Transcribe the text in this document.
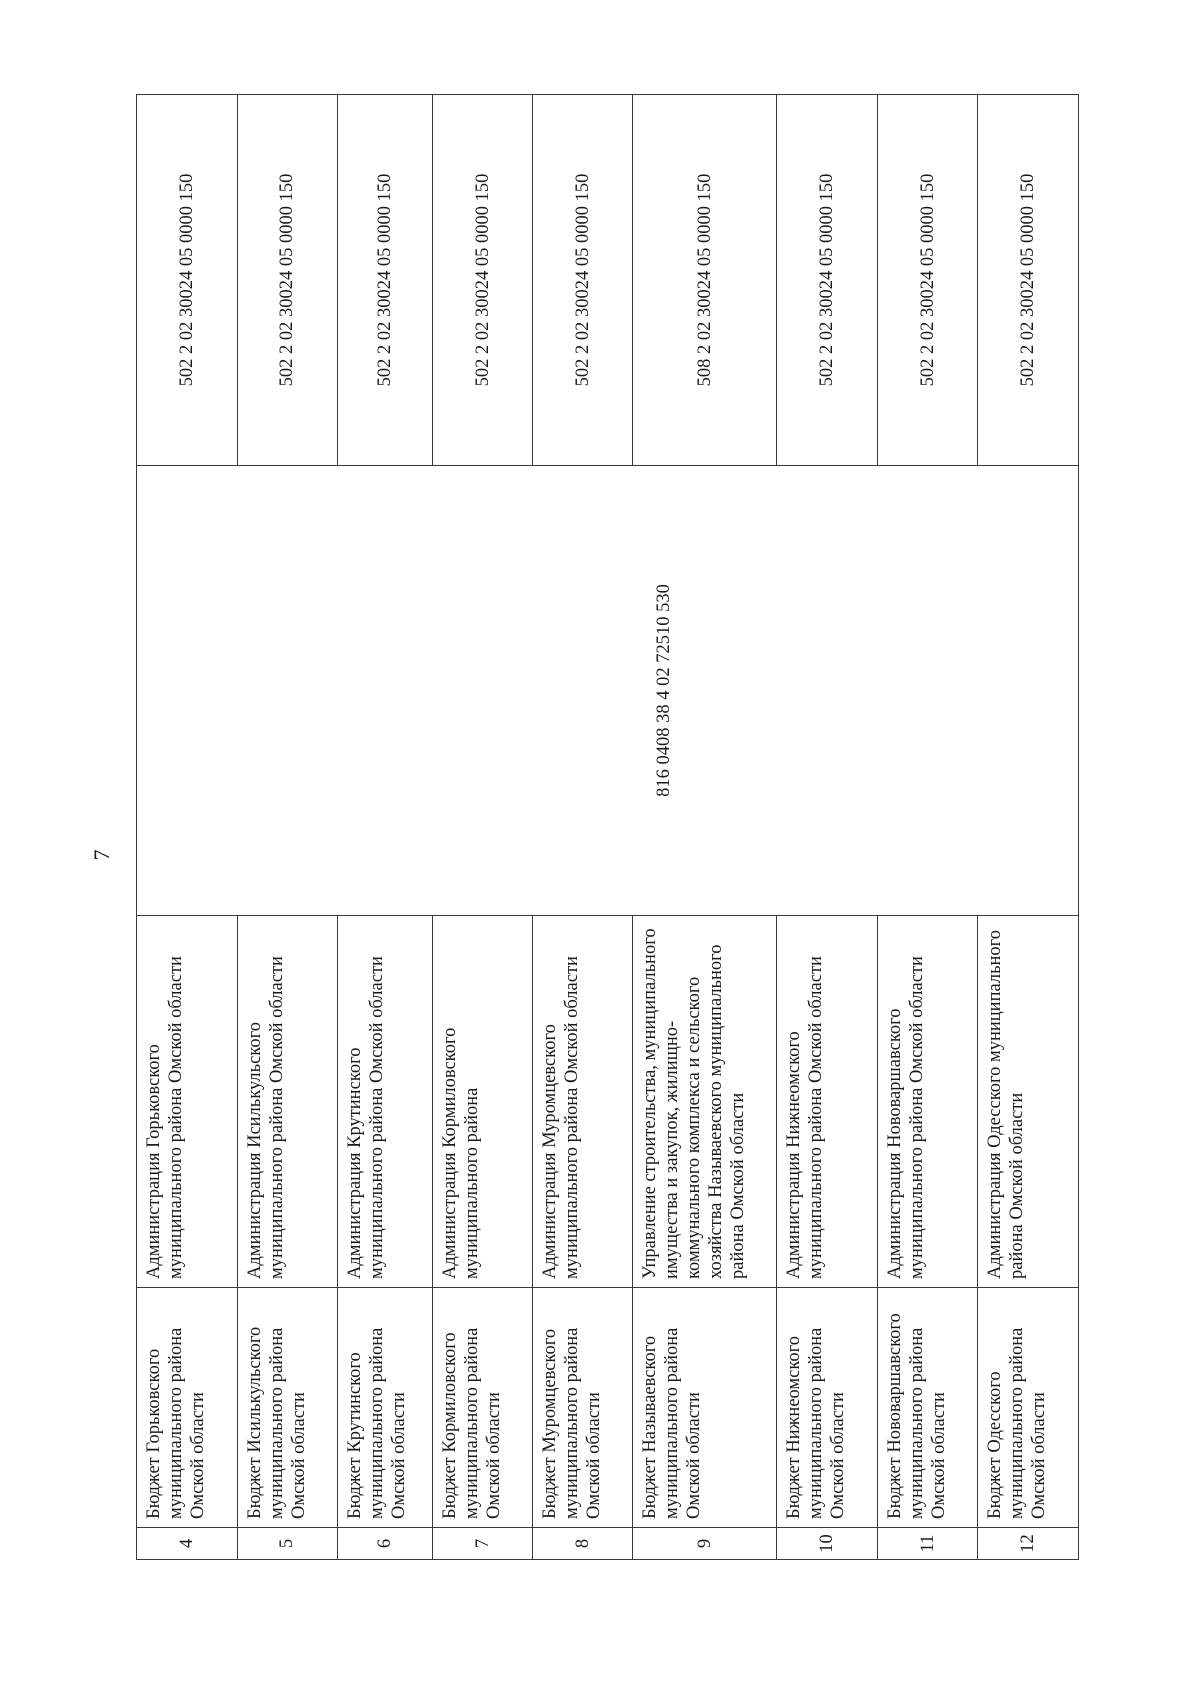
7
4	Бюджет Горьковского муниципального района Омской области	Администрация Горьковского муниципального района Омской области	816 0408 38 4 02 72510 530	502 2 02 30024 05 0000 150
5	Бюджет Исилькульского муниципального района Омской области	Администрация Исилькульского муниципального района Омской области		502 2 02 30024 05 0000 150
6	Бюджет Крутинского муниципального района Омской области	Администрация Крутинского муниципального района Омской области		502 2 02 30024 05 0000 150
7	Бюджет Кормиловского муниципального района Омской области	Администрация Кормиловского муниципального района		502 2 02 30024 05 0000 150
8	Бюджет Муромцевского муниципального района Омской области	Администрация Муромцевского муниципального района Омской области		502 2 02 30024 05 0000 150
9	Бюджет Называевского муниципального района Омской области	Управление строительства, муниципального имущества и закупок, жилищно-коммунального комплекса и сельского хозяйства Называевского муниципального района Омской области		508 2 02 30024 05 0000 150
10	Бюджет Нижнеомского муниципального района Омской области	Администрация Нижнеомского муниципального района Омской области		502 2 02 30024 05 0000 150
11	Бюджет Нововаршавского муниципального района Омской области	Администрация Нововаршавского муниципального района Омской области		502 2 02 30024 05 0000 150
12	Бюджет Одесского муниципального района Омской области	Администрация Одесского муниципального района Омской области		502 2 02 30024 05 0000 150
